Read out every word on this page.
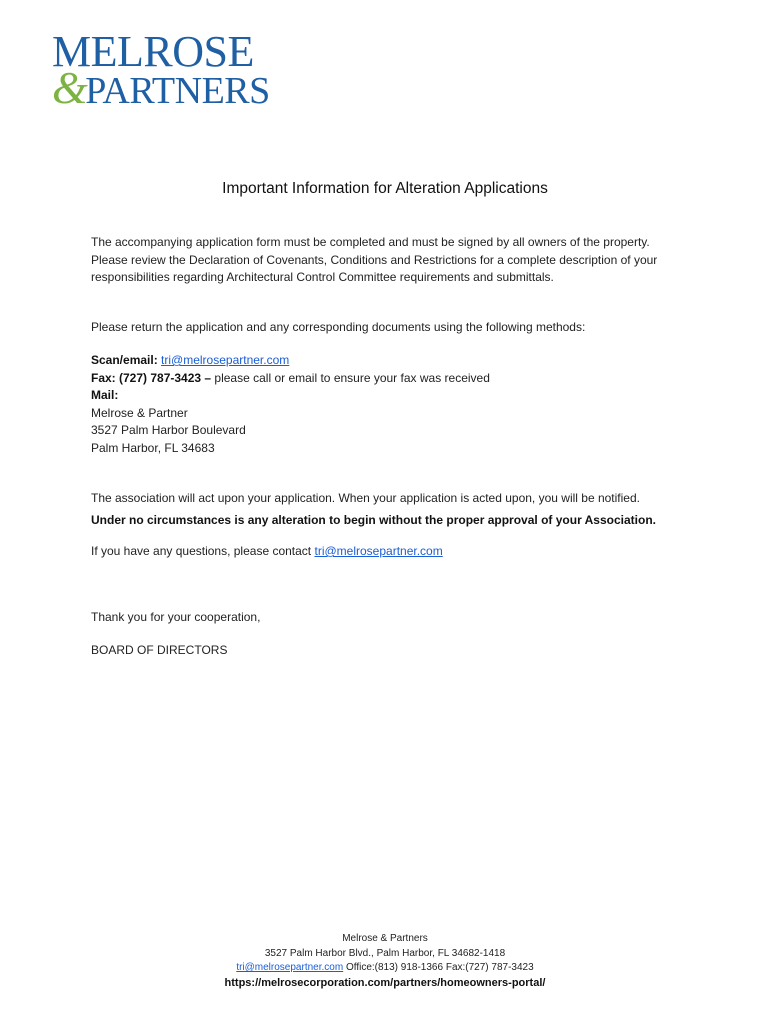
MELROSE
&PARTNERS
Important Information for Alteration Applications
The accompanying application form must be completed and must be signed by all owners of the property.
Please review the Declaration of Covenants, Conditions and Restrictions for a complete description of your
responsibilities regarding Architectural Control Committee requirements and submittals.
Please return the application and any corresponding documents using the following methods:
Scan/email: tri@melrosepartner.com
Fax: (727) 787-3423 – please call or email to ensure your fax was received
Mail:
Melrose & Partner
3527 Palm Harbor Boulevard
Palm Harbor, FL 34683
The association will act upon your application. When your application is acted upon, you will be notified.
Under no circumstances is any alteration to begin without the proper approval of your Association.
If you have any questions, please contact tri@melrosepartner.com
Thank you for your cooperation,
BOARD OF DIRECTORS
Melrose & Partners
3527 Palm Harbor Blvd., Palm Harbor, FL 34682-1418
tri@melrosepartner.com Office:(813) 918-1366 Fax:(727) 787-3423
https://melrosecorporation.com/partners/homeowners-portal/
